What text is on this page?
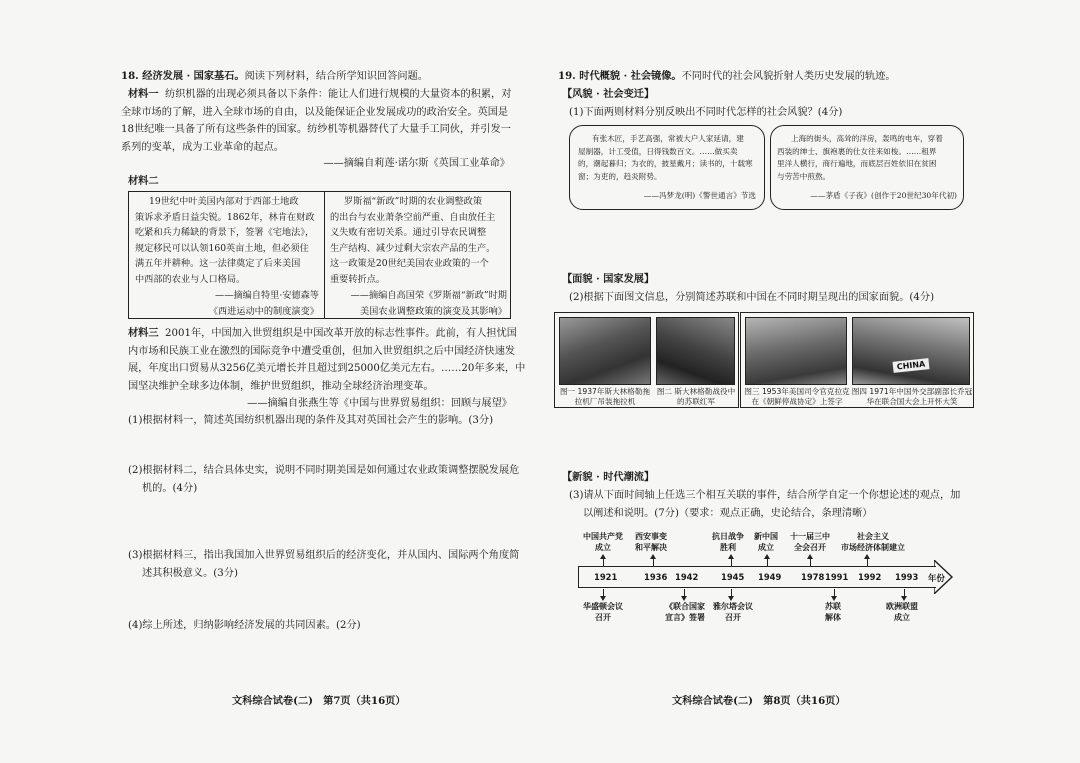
18. 经济发展 · 国家基石。阅读下列材料，结合所学知识回答问题。
材料一 纺织机器的出现必须具备以下条件：能让人们进行规模的大量资本的积累，对
全球市场的了解，进入全球市场的自由，以及能保证企业发展成功的政治安全。英国是
18世纪唯一具备了所有这些条件的国家。纺纱机等机器替代了大量手工同伙，并引发一
系列的变革，成为工业革命的起点。
——摘编自莉莲·诺尔斯《英国工业革命》
材料二
19世纪中叶美国内部对于西部土地政
策诉求矛盾日益尖锐。1862年，林肯在财政
吃紧和兵力稀缺的背景下，签署《宅地法》，
规定移民可以认领160英亩土地，但必须住
满五年并耕种。这一法律奠定了后来美国
中西部的农业与人口格局。
——摘编自特里·安德森等
《西进运动中的制度演变》
罗斯福“新政”时期的农业调整政策
的出台与农业萧条空前严重、自由放任主
义失败有密切关系。通过引导农民调整
生产结构、减少过剩大宗农产品的生产。
这一政策是20世纪美国农业政策的一个
重要转折点。
——摘编自高国荣《罗斯福“新政”时期
美国农业调整政策的演变及其影响》
材料三 2001年，中国加入世贸组织是中国改革开放的标志性事件。此前，有人担忧国
内市场和民族工业在激烈的国际竞争中遭受重创，但加入世贸组织之后中国经济快速发
展，年度出口贸易从3256亿美元增长并且超过到25000亿美元左右。……20年多来，中
国坚决维护全球多边体制，维护世贸组织，推动全球经济治理变革。
——摘编自张燕生等《中国与世界贸易组织：回顾与展望》
(1)根据材料一，简述英国纺织机器出现的条件及其对英国社会产生的影响。(3分)
(2)根据材料二，结合具体史实，说明不同时期美国是如何通过农业政策调整摆脱发展危
机的。(4分)
(3)根据材料三，指出我国加入世界贸易组织后的经济变化，并从国内、国际两个角度简
述其积极意义。(3分)
(4)综上所述，归纳影响经济发展的共同因素。(2分)
文科综合试卷(二)　第7页（共16页）
19. 时代概貌 · 社会镜像。不同时代的社会风貌折射人类历史发展的轨迹。
【风貌 · 社会变迁】
(1)下面两则材料分别反映出不同时代怎样的社会风貌？(4分)
有张木匠，手艺高强，常被大户人家延请，建
屋制器，计工受值，日得钱数百文。……做买卖
的，潮起暮归；为衣的，披星戴月；读书的，十载寒
窗；为吏的，趋炎附势。
——冯梦龙(明)《警世通言》节选
上海的街头，高耸的洋房，轰鸣的电车，穿着
西装的绅士、旗袍裹的仕女往来如梭。……租界
里洋人横行，商行遍地，而底层百姓依旧在贫困
与劳苦中煎熬。
——茅盾《子夜》(创作于20世纪30年代初)
【面貌 · 国家发展】
(2)根据下面图文信息，分别简述苏联和中国在不同时期呈现出的国家面貌。(4分)
图一 1937年斯大林格勒拖拉机厂吊装拖拉机
图二 斯大林格勒战役中的苏联红军
CHINA
图三 1953年美国司令官克拉克在《朝鲜停战协定》上签字
图四 1971年中国外交部副部长乔冠华在联合国大会上开怀大笑
【新貌 · 时代潮流】
(3)请从下面时间轴上任选三个相互关联的事件，结合所学自定一个你想论述的观点，加
以阐述和说明。(7分)（要求：观点正确，史论结合，条理清晰）
中国共产党
成立
西安事变
和平解决
抗日战争
胜利
新中国
成立
十一届三中
全会召开
社会主义
市场经济体制建立
1921	1936 1942	1945 1949 1978 1991 1992 1993 年份
华盛顿会议
召开
《联合国家
宣言》签署
雅尔塔会议
召开
苏联
解体
欧洲联盟
成立
文科综合试卷(二)　第8页（共16页）
